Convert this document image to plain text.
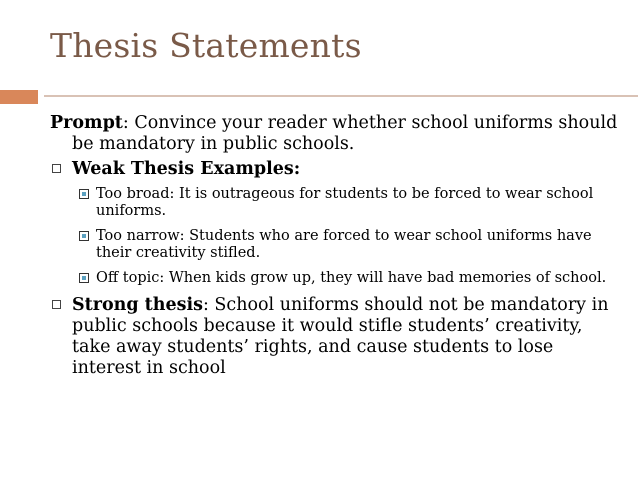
Thesis Statements
Prompt: Convince your reader whether school uniforms should be mandatory in public schools.
Weak Thesis Examples:
Too broad: It is outrageous for students to be forced to wear school uniforms.
Too narrow: Students who are forced to wear school uniforms have their creativity stifled.
Off topic: When kids grow up, they will have bad memories of school.
Strong thesis: School uniforms should not be mandatory in public schools because it would stifle students’ creativity, take away students’ rights, and cause students to lose interest in school
